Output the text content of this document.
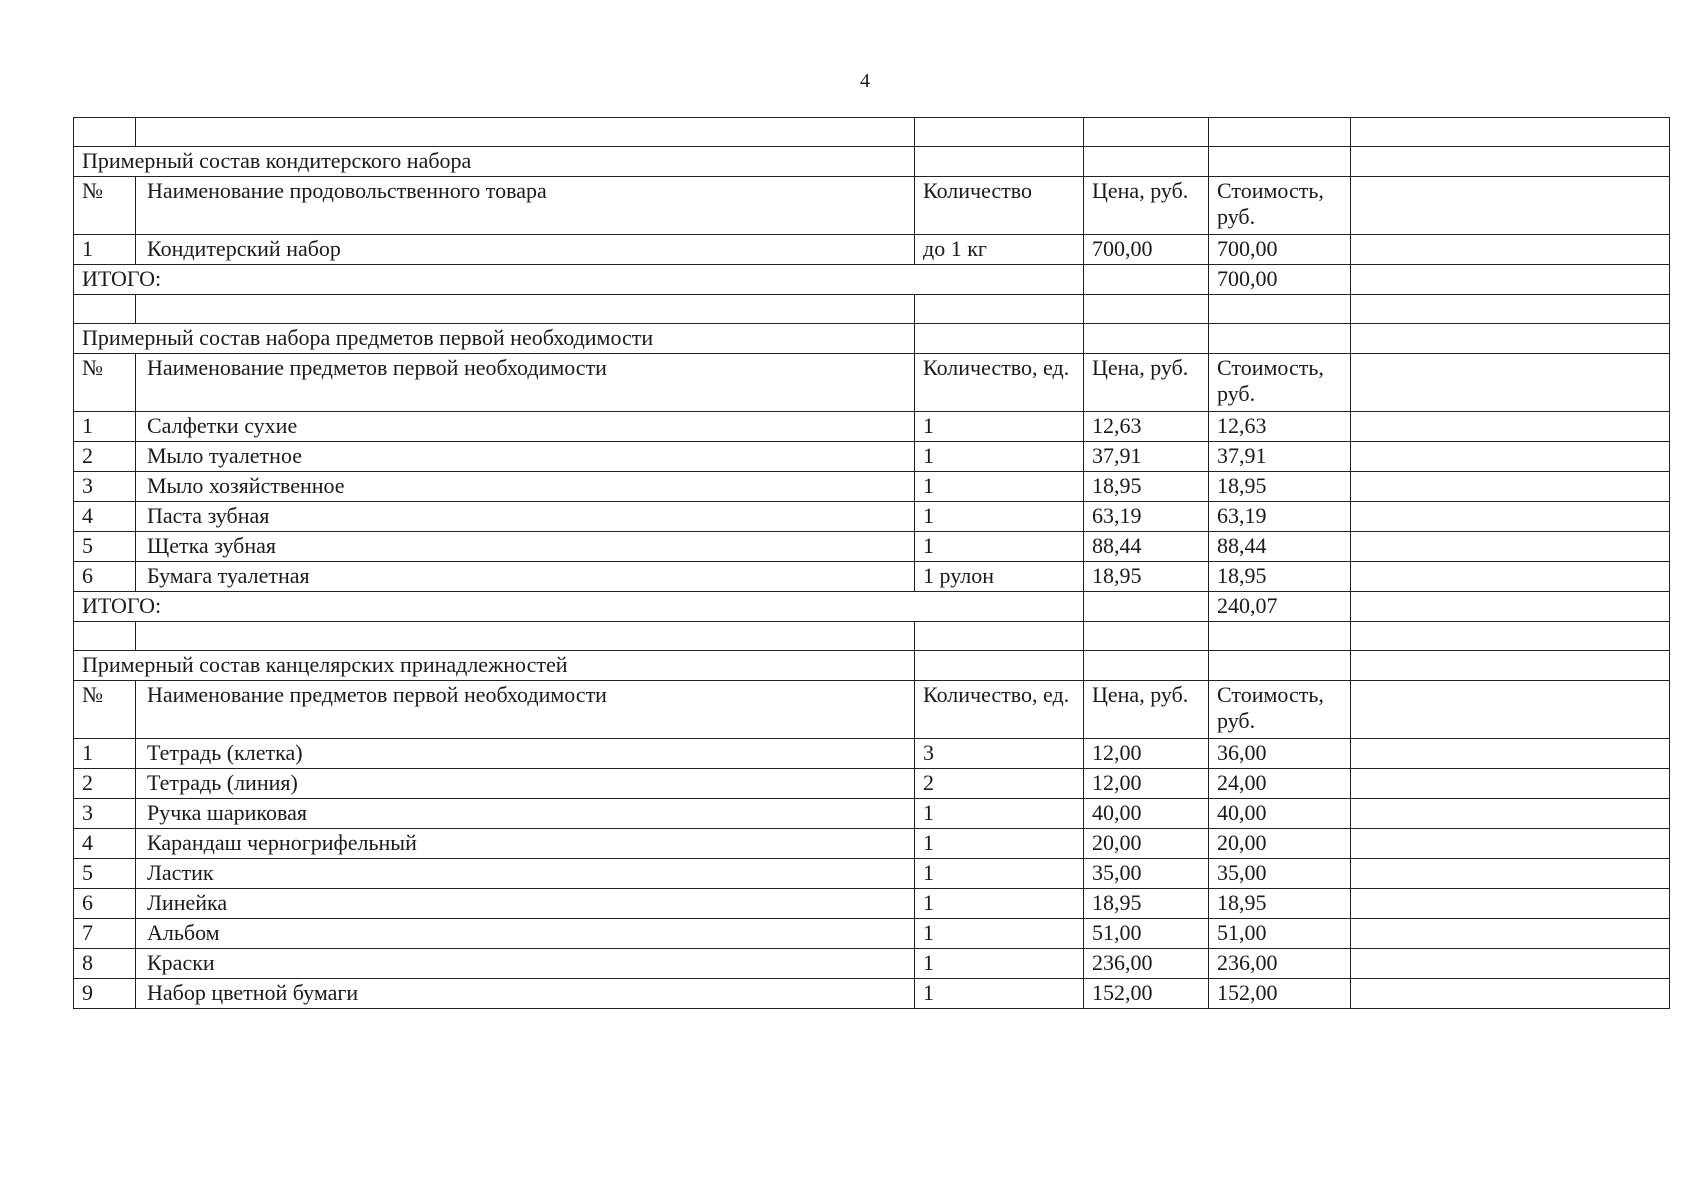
4

Примерный состав кондитерского набора					
№	Наименование продовольственного товара	Количество	Цена, руб.	Стоимость, руб.	
1	Кондитерский набор	до 1 кг	700,00	700,00	
ИТОГО:				700,00	

Примерный состав набора предметов первой необходимости					
№	Наименование предметов первой необходимости	Количество, ед.	Цена, руб.	Стоимость, руб.	
1	Салфетки сухие	1	12,63	12,63	
2	Мыло туалетное	1	37,91	37,91	
3	Мыло хозяйственное	1	18,95	18,95	
4	Паста зубная	1	63,19	63,19	
5	Щетка зубная	1	88,44	88,44	
6	Бумага туалетная	1 рулон	18,95	18,95	
ИТОГО:				240,07	

Примерный состав канцелярских принадлежностей					
№	Наименование предметов первой необходимости	Количество, ед.	Цена, руб.	Стоимость, руб.	
1	Тетрадь (клетка)	3	12,00	36,00	
2	Тетрадь (линия)	2	12,00	24,00	
3	Ручка шариковая	1	40,00	40,00	
4	Карандаш черногрифельный	1	20,00	20,00	
5	Ластик	1	35,00	35,00	
6	Линейка	1	18,95	18,95	
7	Альбом	1	51,00	51,00	
8	Краски	1	236,00	236,00	
9	Набор цветной бумаги	1	152,00	152,00	
